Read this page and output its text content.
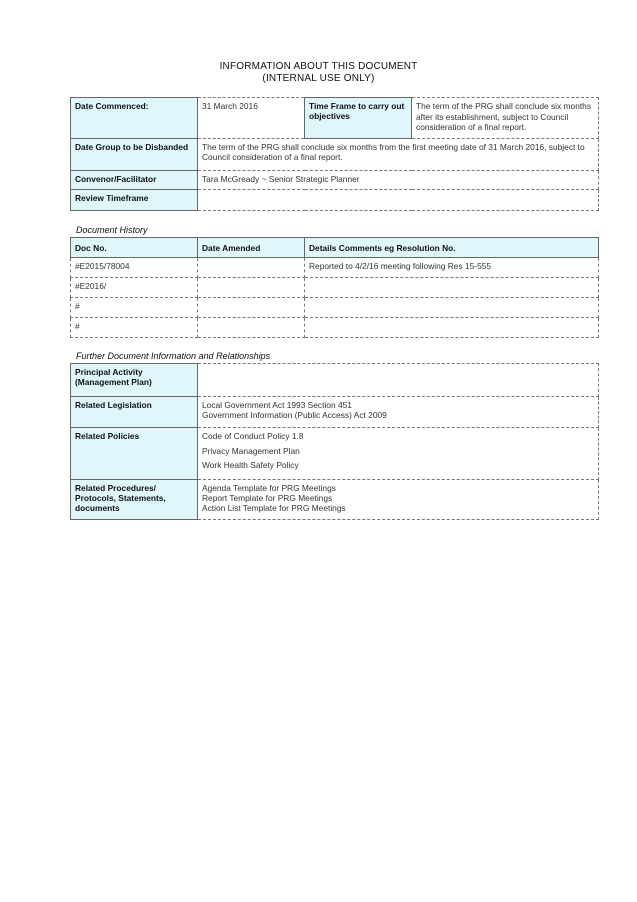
INFORMATION ABOUT THIS DOCUMENT
(INTERNAL USE ONLY)
Date Commenced:	31 March 2016	Time Frame to carry out objectives	The term of the PRG shall conclude six months after its establishment, subject to Council consideration of a final report.
Date Group to be Disbanded	The term of the PRG shall conclude six months from the first meeting date of 31 March 2016, subject to Council consideration of a final report.		
Convenor/Facilitator	Tara McGready ~ Senior Strategic Planner		
Review Timeframe			
Document History
Doc No.	Date Amended	Details Comments eg Resolution No.
#E2015/78004		Reported to 4/2/16 meeting following Res 15-555
#E2016/		
#		
#		
Further Document Information and Relationships
Principal Activity (Management Plan)	
Related Legislation	Local Government Act 1993 Section 451
Government Information (Public Access) Act 2009

Related Policies	Code of Conduct Policy 1.8
Privacy Management Plan
Work Health Safety Policy

Related Procedures/ Protocols, Statements, documents	Agenda Template for PRG Meetings
Report Template for PRG Meetings
Action List Template for PRG Meetings
